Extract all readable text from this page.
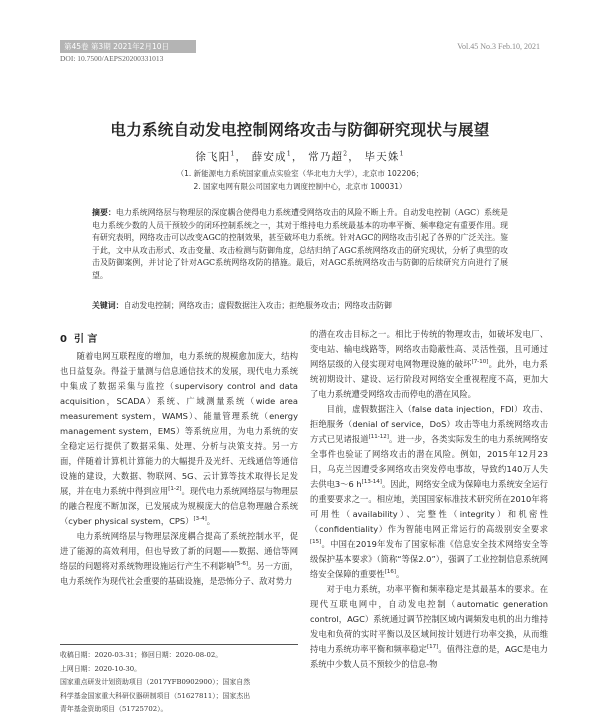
第45卷 第3期 2021年2月10日	Vol.45 No.3 Feb.10, 2021
DOI: 10.7500/AEPS20200331013
电力系统自动发电控制网络攻击与防御研究现状与展望
徐飞阳$^1$， 薛安成$^1$， 常乃超$^2$， 毕天姝$^1$
（1. 新能源电力系统国家重点实验室（华北电力大学），北京市 102206；
2. 国家电网有限公司国家电力调度控制中心，北京市 100031）
摘要：电力系统网络层与物理层的深度耦合使得电力系统遭受网络攻击的风险不断上升。自动发电控制（AGC）系统是电力系统少数的人员干预较少的闭环控制系统之一，其对于维持电力系统最基本的功率平衡、频率稳定有重要作用。现有研究表明，网络攻击可以改变AGC的控制效果，甚至破坏电力系统。针对AGC的网络攻击引起了各界的广泛关注。鉴于此，文中从攻击形式、攻击变量、攻击检测与防御角度，总结归纳了AGC系统网络攻击的研究现状，分析了典型的攻击及防御案例，并讨论了针对AGC系统网络攻防的措施。最后，对AGC系统网络攻击与防御的后续研究方向进行了展望。
关键词：自动发电控制；网络攻击；虚假数据注入攻击；拒绝服务攻击；网络攻击防御
0 引 言

随着电网互联程度的增加，电力系统的规模愈加庞大，结构也日益复杂。得益于量测与信息通信技术的发展，现代电力系统中集成了数据采集与监控（supervisory control and data acquisition，SCADA）系统、广域测量系统（wide area measurement system，WAMS）、能量管理系统（energy management system，EMS）等系统应用，为电力系统的安全稳定运行提供了数据采集、处理、分析与决策支持。另一方面，伴随着计算机计算能力的大幅提升及光纤、无线通信等通信设施的建设，大数据、物联网、5G、云计算等技术取得长足发展，并在电力系统中得到应用[1-2]。现代电力系统网络层与物理层的融合程度不断加深，已发展成为规模庞大的信息物理融合系统（cyber physical system，CPS）[3-4]。

电力系统网络层与物理层深度耦合提高了系统控制水平，促进了能源的高效利用，但也导致了新的问题——数据、通信等网络层的问题将对系统物理设施运行产生不利影响[5-6]。另一方面，电力系统作为现代社会重要的基础设施，是恐怖分子、敌对势力

收稿日期：2020-03-31；修回日期：2020-08-02。
上网日期：2020-10-30。
国家重点研发计划资助项目（2017YFB0902900）；国家自然
科学基金国家重大科研仪器研制项目（51627811）；国家杰出
青年基金资助项目（51725702）。

的潜在攻击目标之一。相比于传统的物理攻击，如破坏发电厂、变电站、输电线路等，网络攻击隐蔽性高、灵活性强，且可通过网络层级的入侵实现对电网物理设施的破坏[7-10]。此外，电力系统初期设计、建设、运行阶段对网络安全重视程度不高，更加大了电力系统遭受网络攻击而停电的潜在风险。

目前，虚假数据注入（false data injection，FDI）攻击、拒绝服务（denial of service，DoS）攻击等电力系统网络攻击方式已见诸报道[11-12]。进一步，各类实际发生的电力系统网络安全事件也验证了网络攻击的潜在风险。例如，2015年12月23日，乌克兰因遭受多网络攻击突发停电事故，导致约140万人失去供电3～6 h[13-14]。因此，网络安全成为保障电力系统安全运行的重要要求之一。相应地，美国国家标准技术研究所在2010年将可用性（availability）、完整性（integrity）和机密性（confidentiality）作为智能电网正常运行的高级别安全要求[15]。中国在2019年发布了国家标准《信息安全技术网络安全等级保护基本要求》（简称“等保2.0”），强调了工业控制信息系统网络安全保障的重要性[16]。

对于电力系统，功率平衡和频率稳定是其最基本的要求。在现代互联电网中，自动发电控制（automatic generation control，AGC）系统通过调节控制区域内调频发电机的出力维持发电和负荷的实时平衡以及区域间按计划进行功率交换，从而维持电力系统功率平衡和频率稳定[17]。值得注意的是，AGC是电力系统中少数人员不预较少的信息-物
